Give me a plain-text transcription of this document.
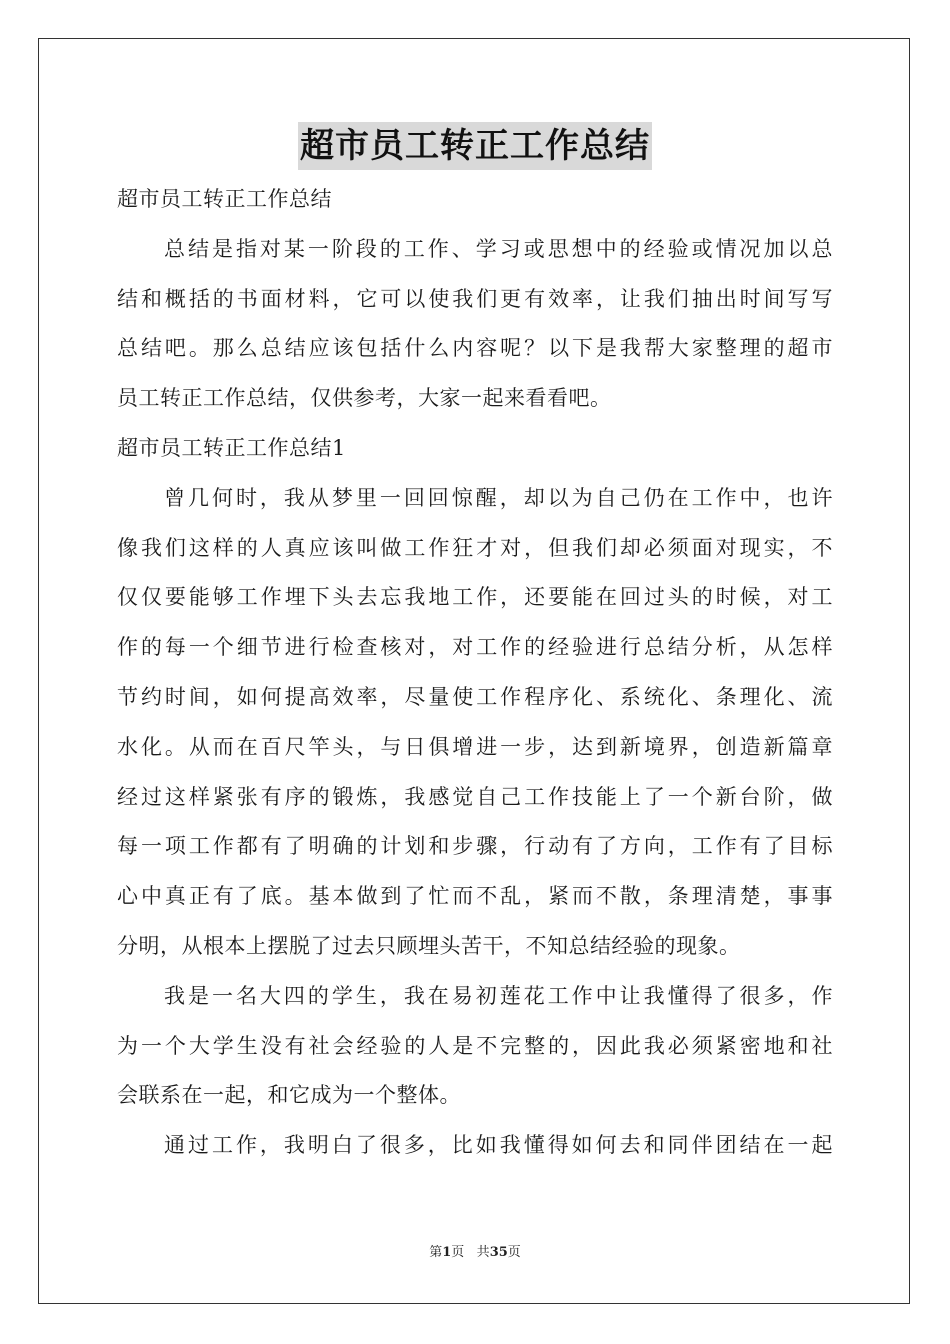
超市员工转正工作总结
超市员工转正工作总结
总结是指对某一阶段的工作、学习或思想中的经验或情况加以总
结和概括的书面材料，它可以使我们更有效率，让我们抽出时间写写
总结吧。那么总结应该包括什么内容呢？以下是我帮大家整理的超市
员工转正工作总结，仅供参考，大家一起来看看吧。
超市员工转正工作总结1
曾几何时，我从梦里一回回惊醒，却以为自己仍在工作中，也许
像我们这样的人真应该叫做工作狂才对，但我们却必须面对现实，不
仅仅要能够工作埋下头去忘我地工作，还要能在回过头的时候，对工
作的每一个细节进行检查核对，对工作的经验进行总结分析，从怎样
节约时间，如何提高效率，尽量使工作程序化、系统化、条理化、流
水化。从而在百尺竿头，与日俱增进一步，达到新境界，创造新篇章
经过这样紧张有序的锻炼，我感觉自己工作技能上了一个新台阶，做
每一项工作都有了明确的计划和步骤，行动有了方向，工作有了目标
心中真正有了底。基本做到了忙而不乱，紧而不散，条理清楚，事事
分明，从根本上摆脱了过去只顾埋头苦干，不知总结经验的现象。
我是一名大四的学生，我在易初莲花工作中让我懂得了很多，作
为一个大学生没有社会经验的人是不完整的，因此我必须紧密地和社
会联系在一起，和它成为一个整体。
通过工作，我明白了很多，比如我懂得如何去和同伴团结在一起
第1页 共35页
